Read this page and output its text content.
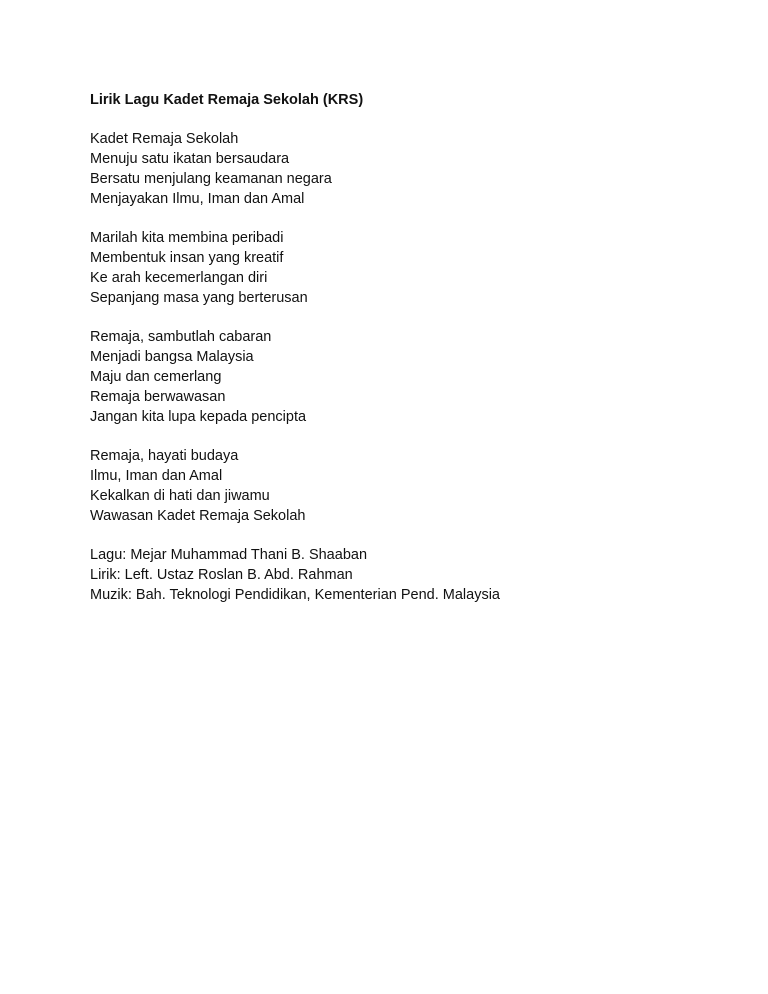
Lirik Lagu Kadet Remaja Sekolah (KRS)
Kadet Remaja Sekolah
Menuju satu ikatan bersaudara
Bersatu menjulang keamanan negara
Menjayakan Ilmu, Iman dan Amal
Marilah kita membina peribadi
Membentuk insan yang kreatif
Ke arah kecemerlangan diri
Sepanjang masa yang berterusan
Remaja, sambutlah cabaran
Menjadi bangsa Malaysia
Maju dan cemerlang
Remaja berwawasan
Jangan kita lupa kepada pencipta
Remaja, hayati budaya
Ilmu, Iman dan Amal
Kekalkan di hati dan jiwamu
Wawasan Kadet Remaja Sekolah
Lagu: Mejar Muhammad Thani B. Shaaban
Lirik: Left. Ustaz Roslan B. Abd. Rahman
Muzik: Bah. Teknologi Pendidikan, Kementerian Pend. Malaysia
